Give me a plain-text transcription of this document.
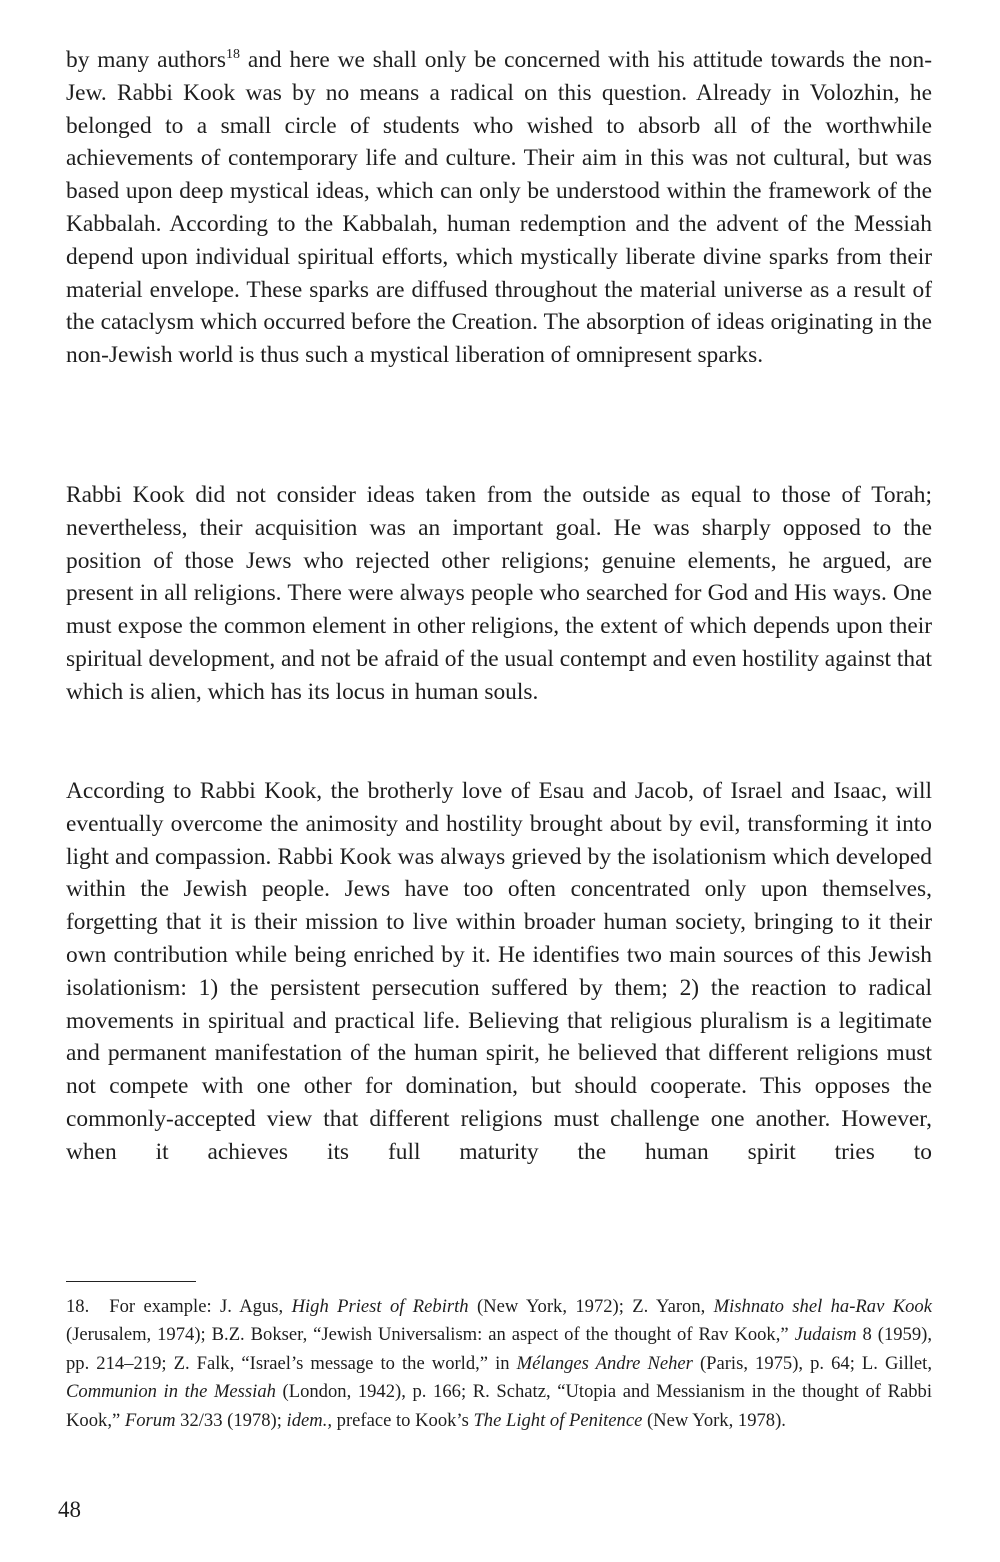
by many authors$^{18}$ and here we shall only be concerned with his attitude towards the non-Jew. Rabbi Kook was by no means a radical on this question. Already in Volozhin, he belonged to a small circle of students who wished to absorb all of the worthwhile achievements of contemporary life and culture. Their aim in this was not cultural, but was based upon deep mystical ideas, which can only be understood within the framework of the Kabbalah. According to the Kabbalah, human redemption and the advent of the Messiah depend upon individual spiritual efforts, which mystically liberate divine sparks from their material envelope. These sparks are diffused throughout the material universe as a result of the cataclysm which occurred before the Creation. The absorption of ideas originating in the non-Jewish world is thus such a mystical liberation of omnipresent sparks.

Rabbi Kook did not consider ideas taken from the outside as equal to those of Torah; nevertheless, their acquisition was an important goal. He was sharply opposed to the position of those Jews who rejected other religions; genuine elements, he argued, are present in all religions. There were always people who searched for God and His ways. One must expose the common element in other religions, the extent of which depends upon their spiritual development, and not be afraid of the usual contempt and even hostility against that which is alien, which has its locus in human souls.

According to Rabbi Kook, the brotherly love of Esau and Jacob, of Israel and Isaac, will eventually overcome the animosity and hostility brought about by evil, transforming it into light and compassion. Rabbi Kook was always grieved by the isolationism which developed within the Jewish people. Jews have too often concentrated only upon themselves, forgetting that it is their mission to live within broader human society, bringing to it their own contribution while being enriched by it. He identifies two main sources of this Jewish isolationism: 1) the persistent persecution suffered by them; 2) the reaction to radical movements in spiritual and practical life. Believing that religious pluralism is a legitimate and permanent manifestation of the human spirit, he believed that different religions must not compete with one other for domination, but should cooperate. This opposes the commonly-accepted view that different religions must challenge one another. However, when it achieves its full maturity the human spirit tries to

18. For example: J. Agus, High Priest of Rebirth (New York, 1972); Z. Yaron, Mishnato shel ha-Rav Kook (Jerusalem, 1974); B.Z. Bokser, “Jewish Universalism: an aspect of the thought of Rav Kook,” Judaism 8 (1959), pp. 214–219; Z. Falk, “Israel’s message to the world,” in Mélanges Andre Neher (Paris, 1975), p. 64; L. Gillet, Communion in the Messiah (London, 1942), p. 166; R. Schatz, “Utopia and Messianism in the thought of Rabbi Kook,” Forum 32/33 (1978); idem., preface to Kook’s The Light of Penitence (New York, 1978).

48
